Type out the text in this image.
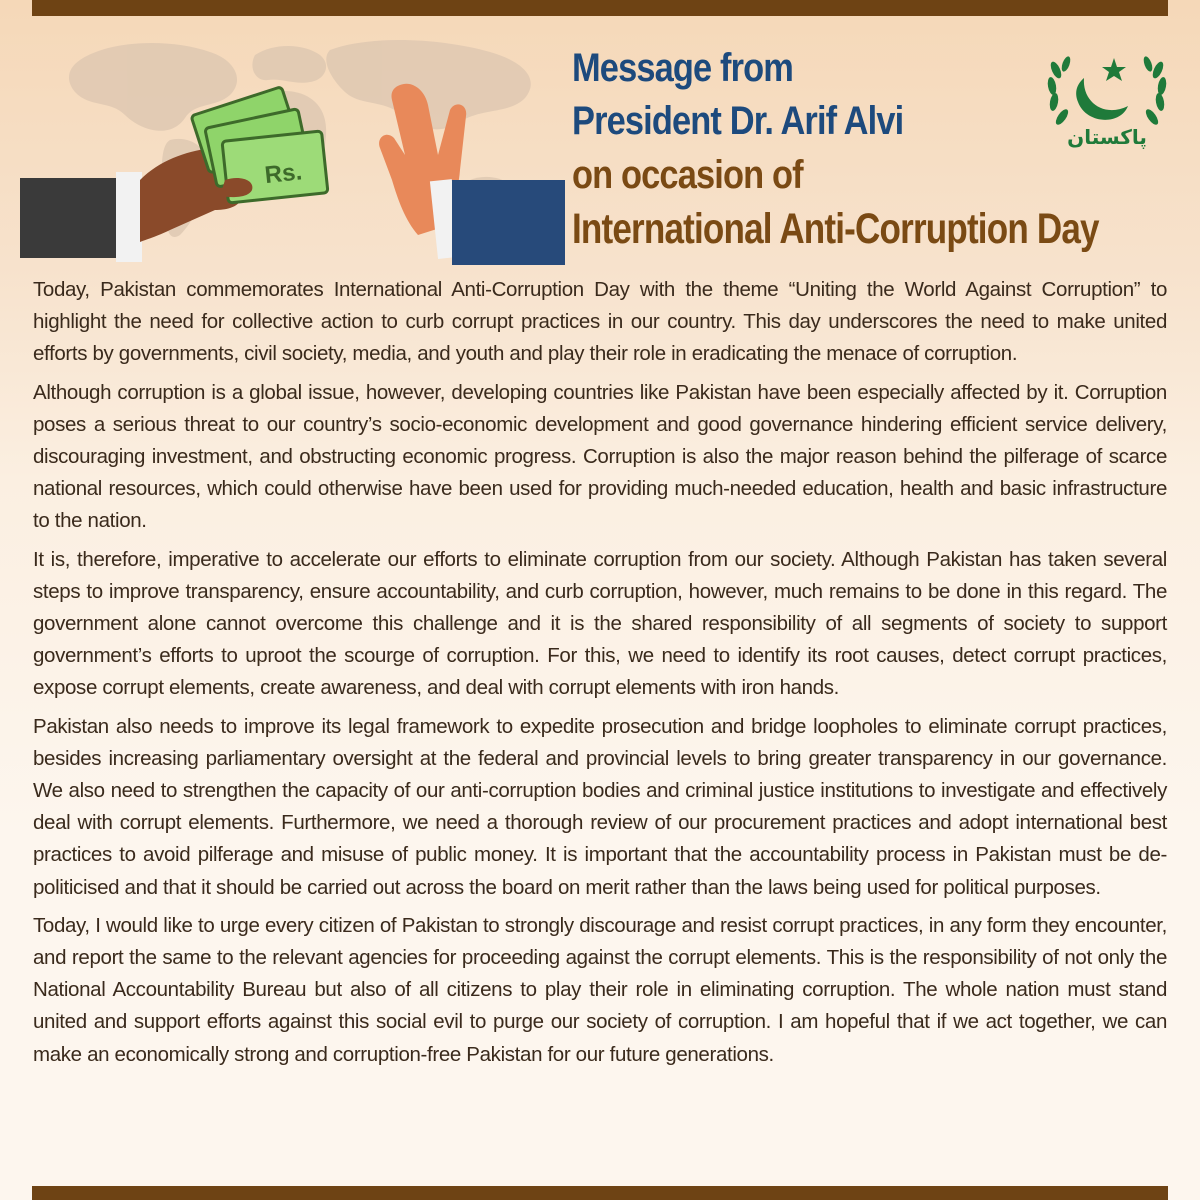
Rs.
Message from
President Dr. Arif Alvi
on occasion of
International Anti-Corruption Day
پاکستان

Today, Pakistan commemorates International Anti-Corruption Day with the theme “Uniting the World Against Corruption” to highlight the need for collective action to curb corrupt practices in our country. This day underscores the need to make united efforts by governments, civil society, media, and youth and play their role in eradicating the menace of corruption.

Although corruption is a global issue, however, developing countries like Pakistan have been especially affected by it. Corruption poses a serious threat to our country’s socio-economic development and good governance hindering efficient service delivery, discouraging investment, and obstructing economic progress. Corruption is also the major reason behind the pilferage of scarce national resources, which could otherwise have been used for providing much-needed education, health and basic infrastructure to the nation.

It is, therefore, imperative to accelerate our efforts to eliminate corruption from our society. Although Pakistan has taken several steps to improve transparency, ensure accountability, and curb corruption, however, much remains to be done in this regard. The government alone cannot overcome this challenge and it is the shared responsibility of all segments of society to support government’s efforts to uproot the scourge of corruption. For this, we need to identify its root causes, detect corrupt practices, expose corrupt elements, create awareness, and deal with corrupt elements with iron hands.

Pakistan also needs to improve its legal framework to expedite prosecution and bridge loopholes to eliminate corrupt practices, besides increasing parliamentary oversight at the federal and provincial levels to bring greater transparency in our governance. We also need to strengthen the capacity of our anti-corruption bodies and criminal justice institutions to investigate and effectively deal with corrupt elements. Furthermore, we need a thorough review of our procurement practices and adopt international best practices to avoid pilferage and misuse of public money. It is important that the accountability process in Pakistan must be de-politicised and that it should be carried out across the board on merit rather than the laws being used for political purposes.

Today, I would like to urge every citizen of Pakistan to strongly discourage and resist corrupt practices, in any form they encounter, and report the same to the relevant agencies for proceeding against the corrupt elements. This is the responsibility of not only the National Accountability Bureau but also of all citizens to play their role in eliminating corruption. The whole nation must stand united and support efforts against this social evil to purge our society of corruption. I am hopeful that if we act together, we can make an economically strong and corruption-free Pakistan for our future generations.
